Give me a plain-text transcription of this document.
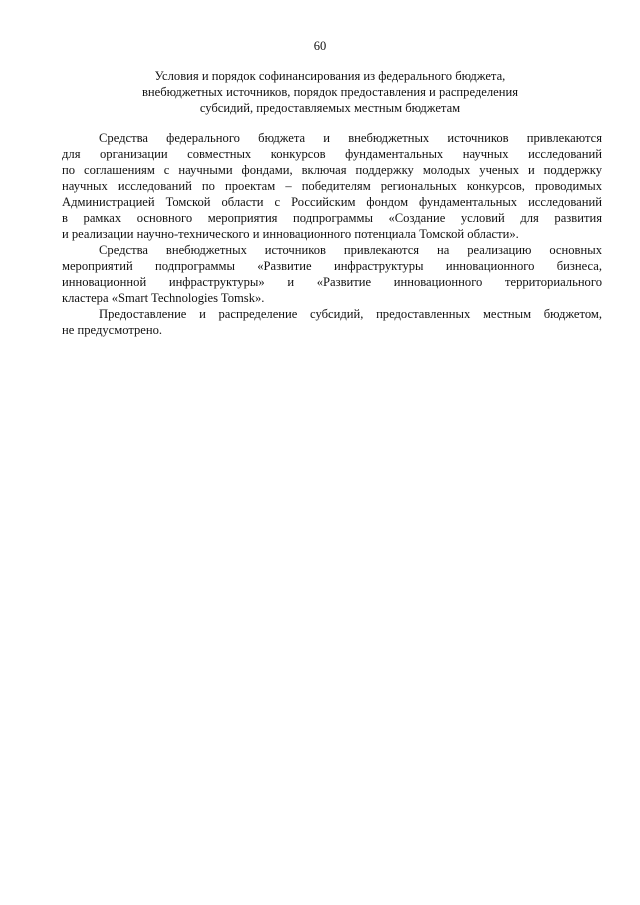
60
Условия и порядок софинансирования из федерального бюджета,
внебюджетных источников, порядок предоставления и распределения
субсидий, предоставляемых местным бюджетам

Средства федерального бюджета и внебюджетных источников привлекаются
для организации совместных конкурсов фундаментальных научных исследований
по соглашениям с научными фондами, включая поддержку молодых ученых и поддержку
научных исследований по проектам – победителям региональных конкурсов, проводимых
Администрацией Томской области с Российским фондом фундаментальных исследований
в рамках основного мероприятия подпрограммы «Создание условий для развития
и реализации научно-технического и инновационного потенциала Томской области».

Средства внебюджетных источников привлекаются на реализацию основных
мероприятий подпрограммы «Развитие инфраструктуры инновационного бизнеса,
инновационной инфраструктуры» и «Развитие инновационного территориального
кластера «Smart Technologies Tomsk».

Предоставление и распределение субсидий, предоставленных местным бюджетом,
не предусмотрено.
